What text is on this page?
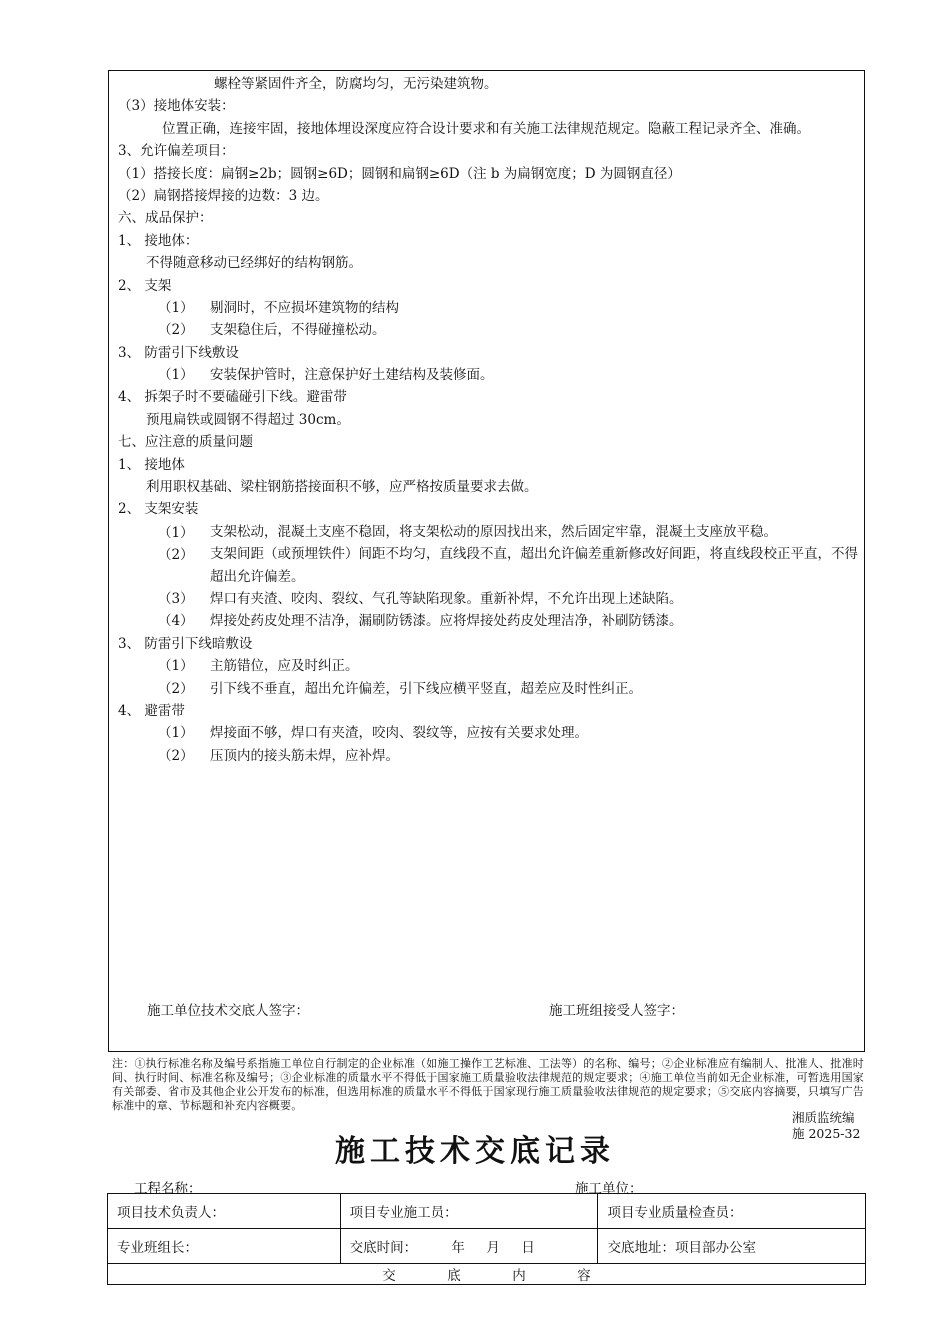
螺栓等紧固件齐全，防腐均匀，无污染建筑物。
（3）接地体安装：
位置正确，连接牢固，接地体埋设深度应符合设计要求和有关施工法律规范规定。隐蔽工程记录齐全、准确。
3、允许偏差项目：
（1）搭接长度：扁钢≥2b；圆钢≥6D；圆钢和扁钢≥6D（注 b 为扁钢宽度；D 为圆钢直径）
（2）扁钢搭接焊接的边数：3 边。
六、成品保护：
1、 接地体：
不得随意移动已经绑好的结构钢筋。
2、 支架
（1） 剔洞时，不应损坏建筑物的结构
（2） 支架稳住后，不得碰撞松动。
3、 防雷引下线敷设
（1） 安装保护管时，注意保护好土建结构及装修面。
4、 拆架子时不要磕碰引下线。避雷带
预甩扁铁或圆钢不得超过 30cm。
七、应注意的质量问题
1、 接地体
利用职权基础、梁柱钢筋搭接面积不够，应严格按质量要求去做。
2、 支架安装
（1）	支架松动，混凝土支座不稳固，将支架松动的原因找出来，然后固定牢靠，混凝土支座放平稳。
（2）	支架间距（或预埋铁件）间距不均匀，直线段不直，超出允许偏差重新修改好间距，将直线段校正平直，不得超出允许偏差。
（3） 焊口有夹渣、咬肉、裂纹、气孔等缺陷现象。重新补焊，不允许出现上述缺陷。
（4） 焊接处药皮处理不洁净，漏刷防锈漆。应将焊接处药皮处理洁净，补刷防锈漆。
3、 防雷引下线暗敷设
（1） 主筋错位，应及时纠正。
（2） 引下线不垂直，超出允许偏差，引下线应横平竖直，超差应及时性纠正。
4、 避雷带
（1） 焊接面不够，焊口有夹渣，咬肉、裂纹等，应按有关要求处理。
（2） 压顶内的接头筋未焊，应补焊。
施工单位技术交底人签字：	施工班组接受人签字：
注：①执行标准名称及编号系指施工单位自行制定的企业标准（如施工操作工艺标准、工法等）的名称、编号；②企业标准应有编制人、批准人、批准时间、执行时间、标准名称及编号；③企业标准的质量水平不得低于国家施工质量验收法律规范的规定要求；④施工单位当前如无企业标准，可暂选用国家有关部委、省市及其他企业公开发布的标准，但选用标准的质量水平不得低于国家现行施工质量验收法律规范的规定要求；⑤交底内容摘要，只填写广告标准中的章、节标题和补充内容概要。
湘质监统编
施 2025-32
施工技术交底记录
工程名称：	施工单位：
项目技术负责人：	项目专业施工员：	项目专业质量检查员：
专业班组长：	交底时间：        年     月     日	交底地址：项目部办公室
交            底            内            容		
